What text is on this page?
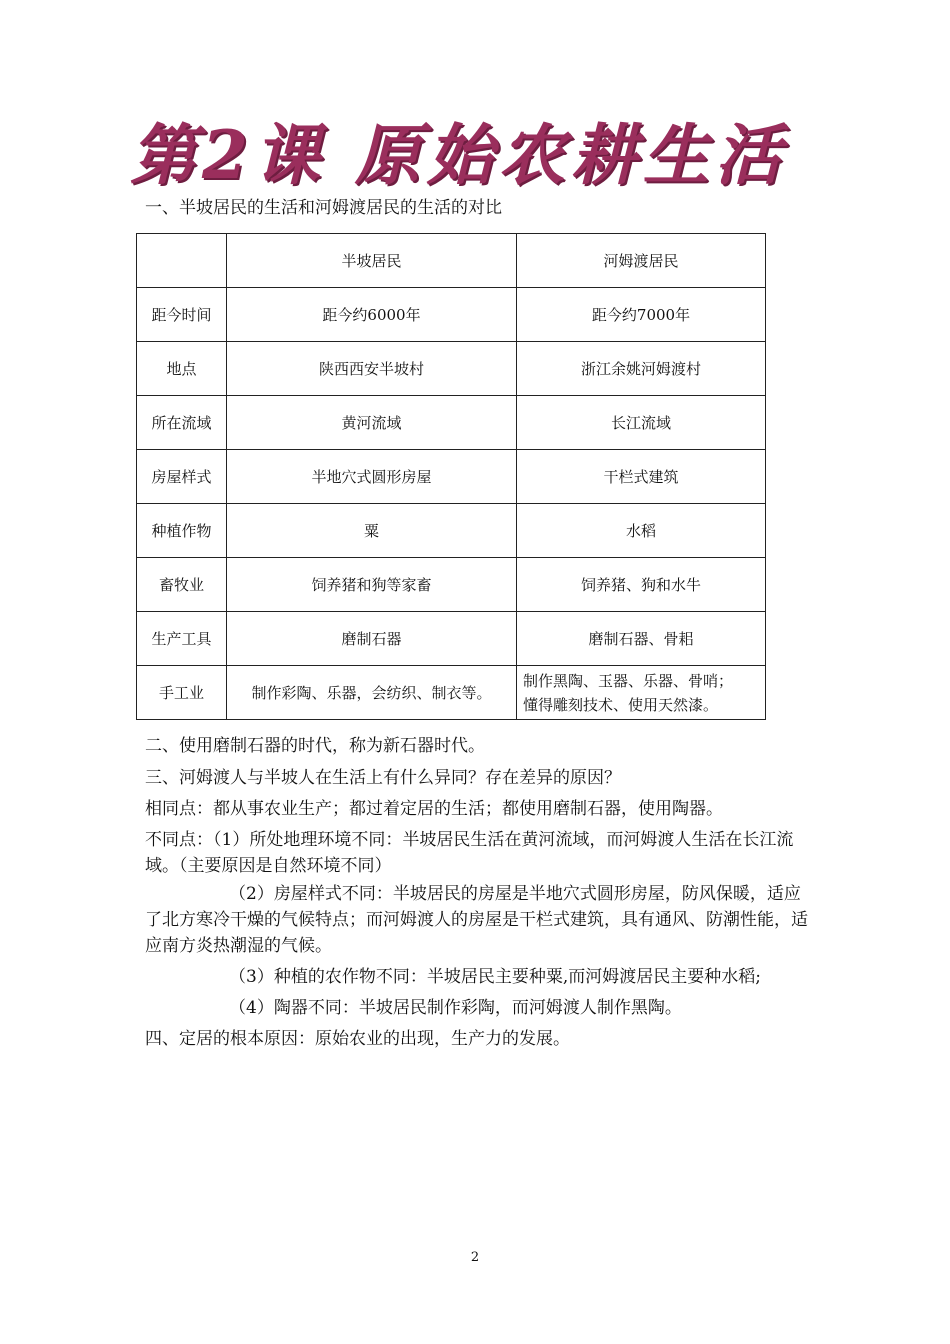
第2课 原始农耕生活
一、半坡居民的生活和河姆渡居民的生活的对比
	半坡居民	河姆渡居民
距今时间	距今约6000年	距今约7000年
地点	陕西西安半坡村	浙江余姚河姆渡村
所在流域	黄河流域	长江流域
房屋样式	半地穴式圆形房屋	干栏式建筑
种植作物	粟	水稻
畜牧业	饲养猪和狗等家畜	饲养猪、狗和水牛
生产工具	磨制石器	磨制石器、骨耜
手工业	制作彩陶、乐器，会纺织、制衣等。	制作黑陶、玉器、乐器、骨哨；
懂得雕刻技术、使用天然漆。
二、使用磨制石器的时代，称为新石器时代。
三、河姆渡人与半坡人在生活上有什么异同？存在差异的原因？
相同点：都从事农业生产；都过着定居的生活；都使用磨制石器，使用陶器。
不同点：（1）所处地理环境不同：半坡居民生活在黄河流域，而河姆渡人生活在长江流域。（主要原因是自然环境不同）
（2）房屋样式不同：半坡居民的房屋是半地穴式圆形房屋，防风保暖，适应了北方寒冷干燥的气候特点；而河姆渡人的房屋是干栏式建筑，具有通风、防潮性能，适应南方炎热潮湿的气候。
（3）种植的农作物不同：半坡居民主要种粟,而河姆渡居民主要种水稻;
（4）陶器不同：半坡居民制作彩陶，而河姆渡人制作黑陶。
四、定居的根本原因：原始农业的出现，生产力的发展。
2
